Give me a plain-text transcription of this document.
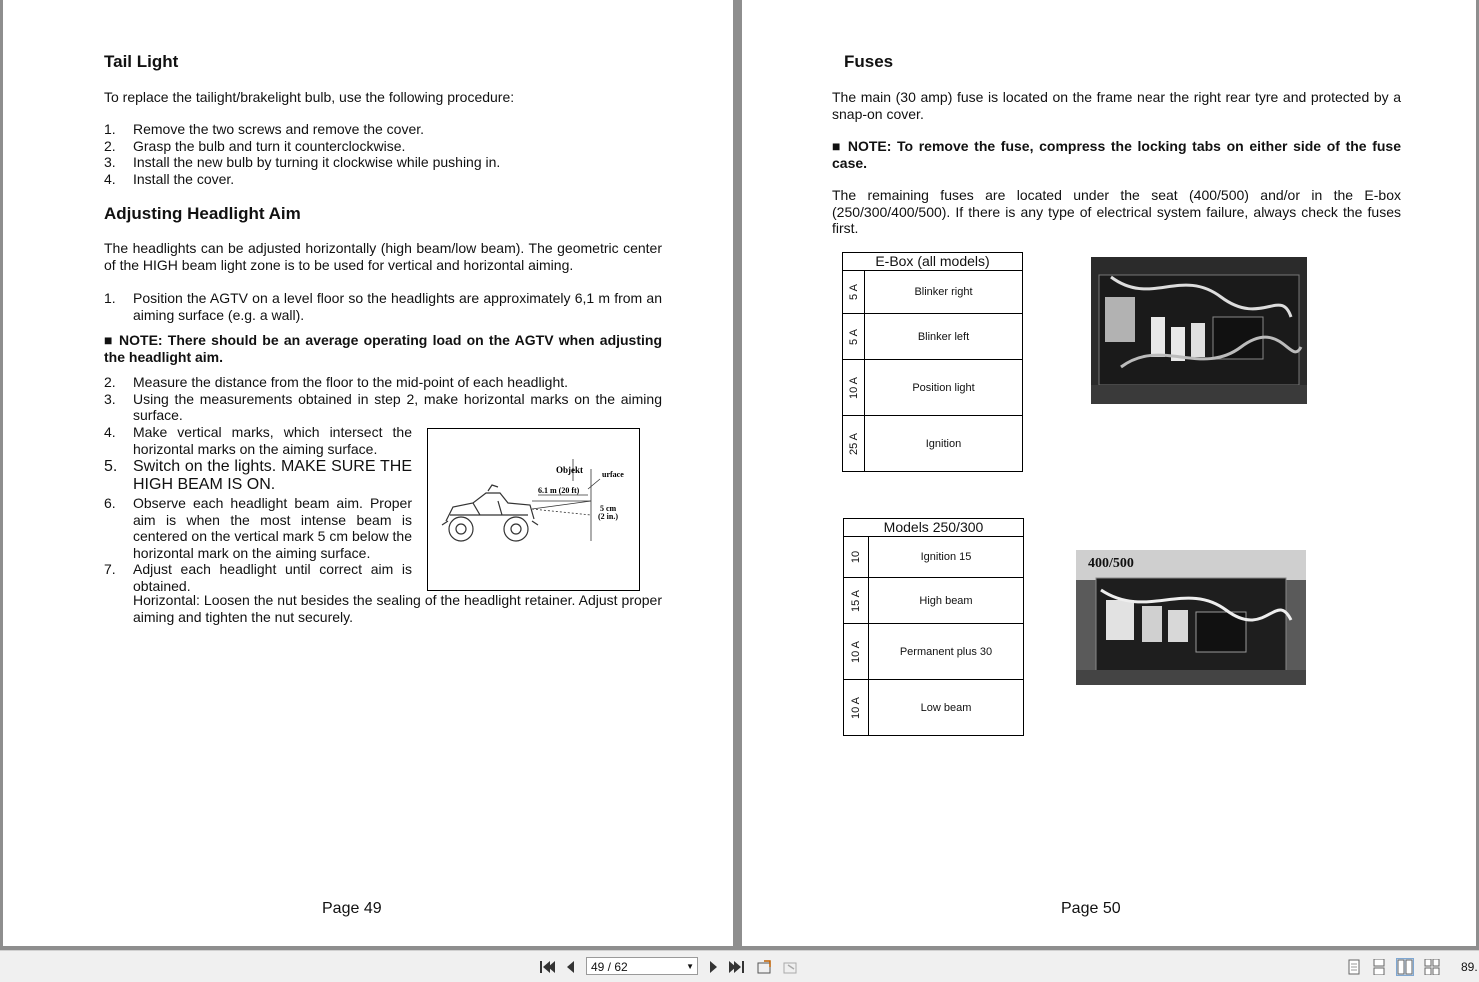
Tail Light
To replace the tailight/brakelight bulb, use the following procedure:
1. Remove the two screws and remove the cover.
2. Grasp the bulb and turn it counterclockwise.
3. Install the new bulb by turning it clockwise while pushing in.
4. Install the cover.
Adjusting Headlight Aim
The headlights can be adjusted horizontally (high beam/low beam). The geometric center of the HIGH beam light zone is to be used for vertical and horizontal aiming.
1. Position the AGTV on a level floor so the headlights are approximately 6,1 m from an aiming surface (e.g. a wall).
■ NOTE: There should be an average operating load on the AGTV when adjusting the headlight aim.
2. Measure the distance from the floor to the mid-point of each headlight.
3. Using the measurements obtained in step 2, make horizontal marks on the aiming surface.
4. Make vertical marks, which intersect the horizontal marks on the aiming surface.
5. Switch on the lights. MAKE SURE THE HIGH BEAM IS ON.
6. Observe each headlight beam aim. Proper aim is when the most intense beam is centered on the vertical mark 5 cm below the horizontal mark on the aiming surface.
7. Adjust each headlight until correct aim is obtained.
Horizontal: Loosen the nut besides the sealing of the headlight retainer. Adjust proper aiming and tighten the nut securely.
Objekt urface
6.1 m (20 ft)
5 cm
(2 in.)
Page 49
Fuses
The main (30 amp) fuse is located on the frame near the right rear tyre and protected by a snap-on cover.
■ NOTE: To remove the fuse, compress the locking tabs on either side of the fuse case.
The remaining fuses are located under the seat (400/500) and/or in the E-box (250/300/400/500). If there is any type of electrical system failure, always check the fuses first.
E-Box (all models)
5 A	Blinker right
5 A	Blinker left
10 A	Position light
25 A	Ignition
Models 250/300
10	Ignition 15
15 A	High beam
10 A	Permanent plus 30
10 A	Low beam
400/500
Page 50
49 / 62	▼	89.
